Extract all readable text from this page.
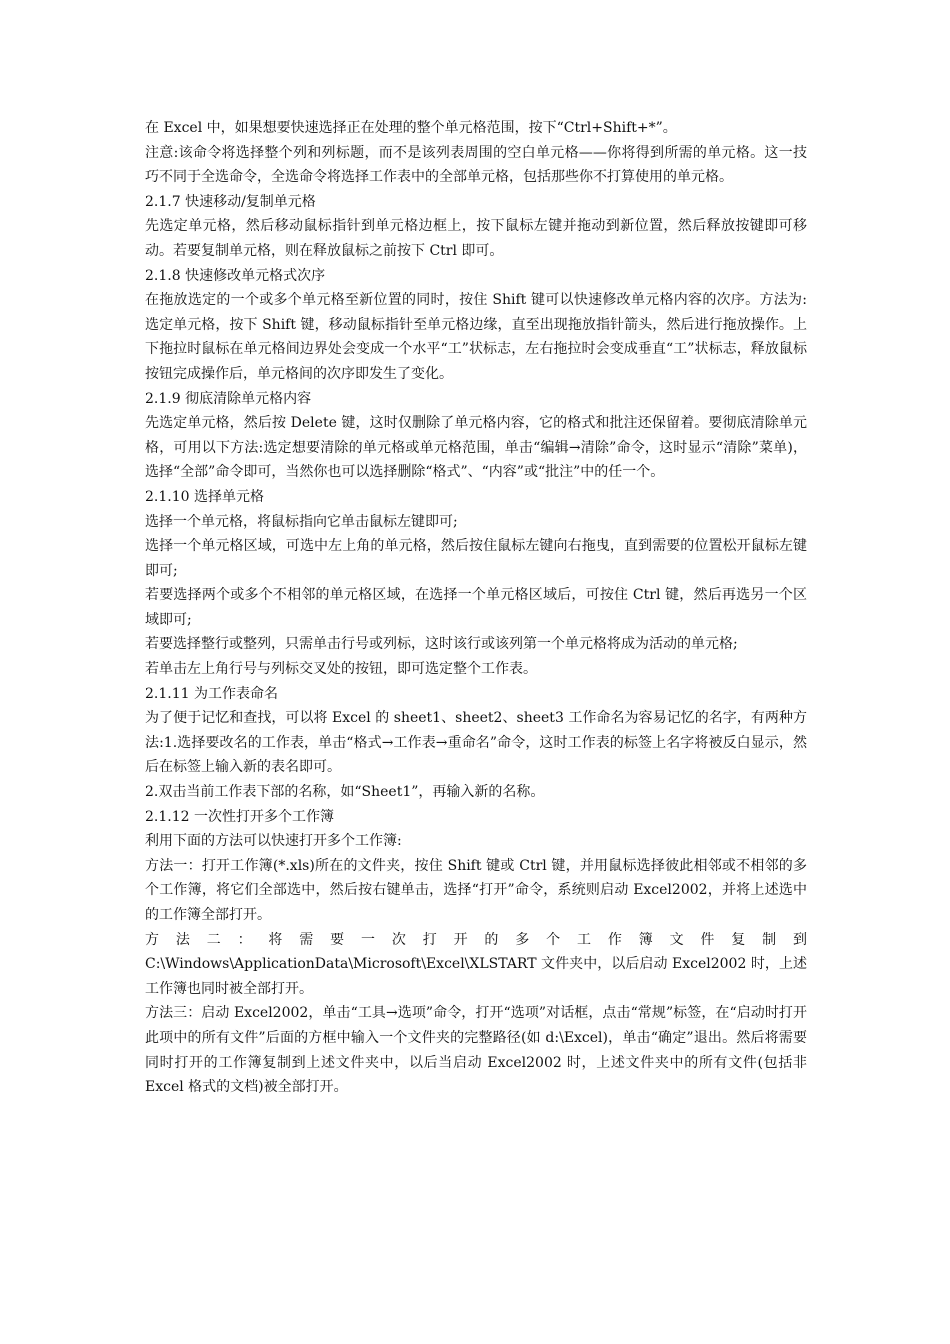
在 Excel 中，如果想要快速选择正在处理的整个单元格范围，按下“Ctrl+Shift+*”。

注意:该命令将选择整个列和列标题，而不是该列表周围的空白单元格——你将得到所需的单元格。这一技巧不同于全选命令，全选命令将选择工作表中的全部单元格，包括那些你不打算使用的单元格。

2.1.7 快速移动/复制单元格

先选定单元格，然后移动鼠标指针到单元格边框上，按下鼠标左键并拖动到新位置，然后释放按键即可移动。若要复制单元格，则在释放鼠标之前按下 Ctrl 即可。

2.1.8 快速修改单元格式次序

在拖放选定的一个或多个单元格至新位置的同时，按住 Shift 键可以快速修改单元格内容的次序。方法为:选定单元格，按下 Shift 键，移动鼠标指针至单元格边缘，直至出现拖放指针箭头，然后进行拖放操作。上下拖拉时鼠标在单元格间边界处会变成一个水平“工”状标志，左右拖拉时会变成垂直“工”状标志，释放鼠标按钮完成操作后，单元格间的次序即发生了变化。

2.1.9 彻底清除单元格内容

先选定单元格，然后按 Delete 键，这时仅删除了单元格内容，它的格式和批注还保留着。要彻底清除单元格，可用以下方法:选定想要清除的单元格或单元格范围，单击“编辑→清除”命令，这时显示“清除”菜单)，选择“全部”命令即可，当然你也可以选择删除“格式”、“内容”或“批注”中的任一个。

2.1.10 选择单元格

选择一个单元格，将鼠标指向它单击鼠标左键即可;

选择一个单元格区域，可选中左上角的单元格，然后按住鼠标左键向右拖曳，直到需要的位置松开鼠标左键即可;

若要选择两个或多个不相邻的单元格区域，在选择一个单元格区域后，可按住 Ctrl 键，然后再选另一个区域即可;

若要选择整行或整列，只需单击行号或列标，这时该行或该列第一个单元格将成为活动的单元格;

若单击左上角行号与列标交叉处的按钮，即可选定整个工作表。

2.1.11 为工作表命名

为了便于记忆和查找，可以将 Excel 的 sheet1、sheet2、sheet3 工作命名为容易记忆的名字，有两种方法:1.选择要改名的工作表，单击“格式→工作表→重命名”命令，这时工作表的标签上名字将被反白显示，然后在标签上输入新的表名即可。

2.双击当前工作表下部的名称，如“Sheet1”，再输入新的名称。

2.1.12 一次性打开多个工作簿

利用下面的方法可以快速打开多个工作簿:

方法一：打开工作簿(*.xls)所在的文件夹，按住 Shift 键或 Ctrl 键，并用鼠标选择彼此相邻或不相邻的多个工作簿，将它们全部选中，然后按右键单击，选择“打开”命令，系统则启动 Excel2002，并将上述选中的工作簿全部打开。

方 法 二 ： 将 需 要 一 次 打 开 的 多 个 工 作 簿 文 件 复 制 到

C:\Windows\ApplicationData\Microsoft\Excel\XLSTART 文件夹中，以后启动 Excel2002 时，上述工作簿也同时被全部打开。

方法三：启动 Excel2002，单击“工具→选项”命令，打开“选项”对话框，点击“常规”标签，在“启动时打开此项中的所有文件”后面的方框中输入一个文件夹的完整路径(如 d:\Excel)，单击“确定”退出。然后将需要同时打开的工作簿复制到上述文件夹中，以后当启动 Excel2002 时，上述文件夹中的所有文件(包括非 Excel 格式的文档)被全部打开。
